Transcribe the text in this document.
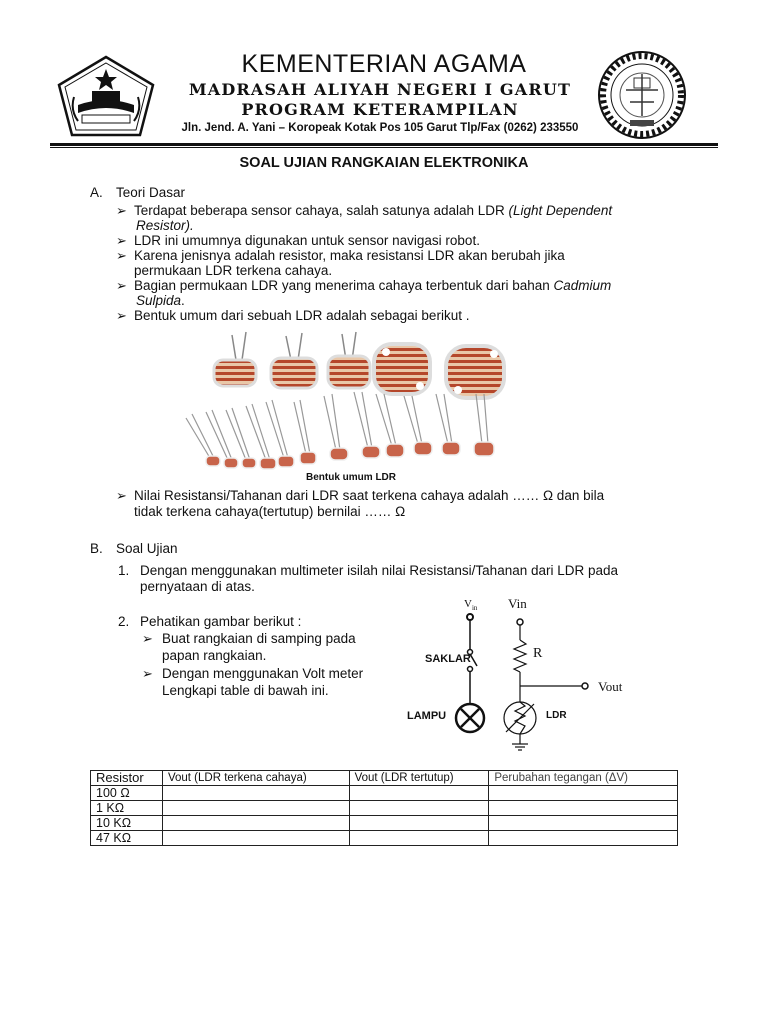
KEMENTERIAN AGAMA
MADRASAH ALIYAH NEGERI I GARUT
PROGRAM KETERAMPILAN
Jln. Jend. A. Yani – Koropeak Kotak Pos 105 Garut Tlp/Fax (0262) 233550
SOAL UJIAN RANGKAIAN ELEKTRONIKA
A. Teori Dasar
➢ Terdapat beberapa sensor cahaya, salah satunya adalah LDR (Light Dependent
Resistor).
➢ LDR ini umumnya digunakan untuk sensor navigasi robot.
➢ Karena jenisnya adalah resistor, maka resistansi LDR akan berubah jika
permukaan LDR terkena cahaya.
➢ Bagian permukaan LDR yang menerima cahaya terbentuk dari bahan Cadmium
Sulpida.
➢ Bentuk umum dari sebuah LDR adalah sebagai berikut .
Bentuk umum LDR
➢ Nilai Resistansi/Tahanan dari LDR saat terkena cahaya adalah …… Ω dan bila
tidak terkena cahaya(tertutup) bernilai …… Ω
B. Soal Ujian
1. Dengan menggunakan multimeter isilah nilai Resistansi/Tahanan dari LDR pada
pernyataan di atas.
2. Pehatikan gambar berikut :
➢ Buat rangkaian di samping pada
papan rangkaian.
➢ Dengan menggunakan Volt meter
Lengkapi table di bawah ini.
$V_{in}$ Vin
SAKLAR
LAMPU
R
Vout
LDR
Resistor	Vout (LDR terkena cahaya)	Vout (LDR tertutup)	Perubahan tegangan (ΔV)
100 Ω			
1 KΩ			
10 KΩ			
47 KΩ			
